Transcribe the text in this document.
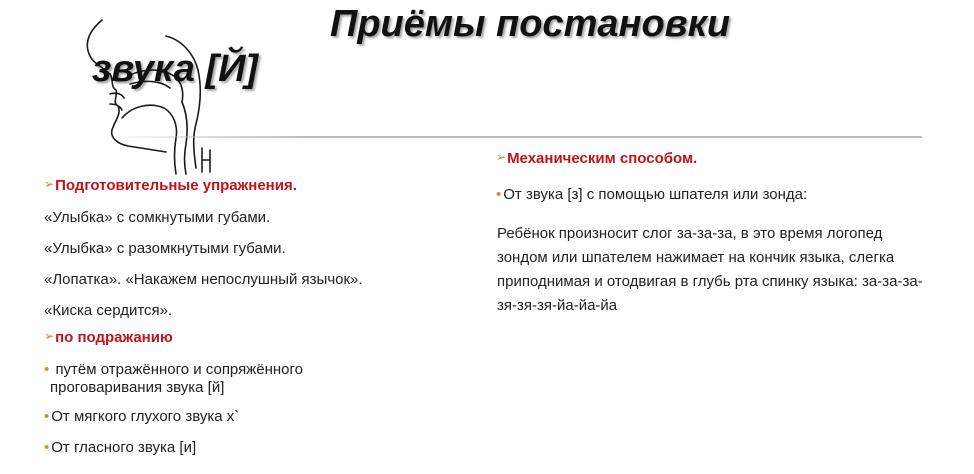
Приёмы постановки
звука [Й]
➢Механическим способом.
• От звука [з] с помощью шпателя или зонда:

Ребёнок произносит слог за-за-за, в это время логопед зондом или шпателем нажимает на кончик языка, слегка приподнимая и отодвигая в глубь рта спинку языка: за-за-за-зя-зя-зя-йа-йа-йа

➢Подготовительные упражнения.
«Улыбка» с сомкнутыми губами.
«Улыбка» с разомкнутыми губами.
«Лопатка». «Накажем непослушный язычок».
«Киска сердится».
➢по подражанию
• путём отражённого и сопряжённого
проговаривания звука [й]
• От мягкого глухого звука х`
• От гласного звука [и]
